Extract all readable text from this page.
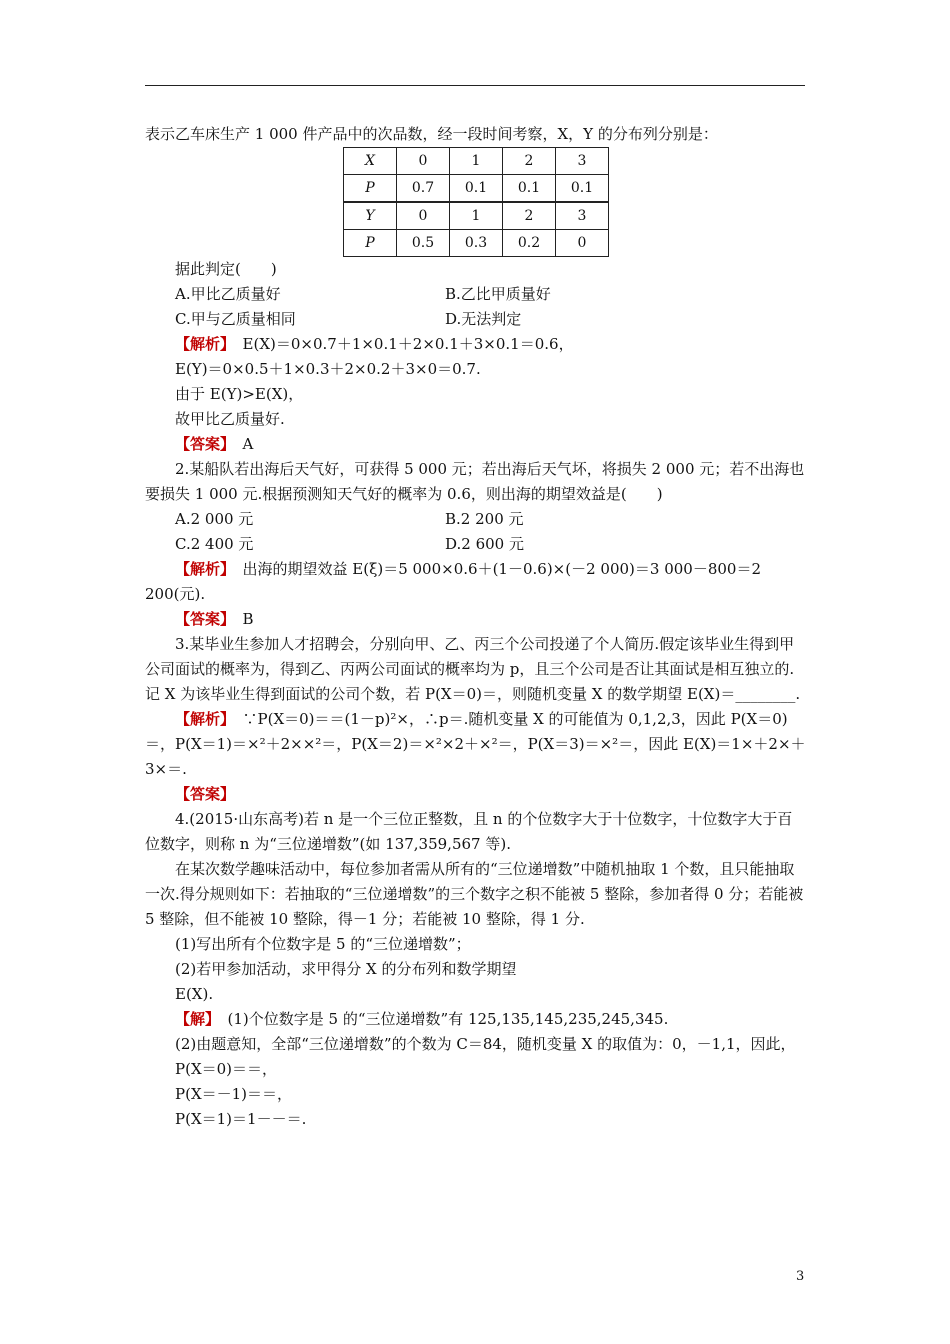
表示乙车床生产 1 000 件产品中的次品数，经一段时间考察，X，Y 的分布列分别是：
X	0	1	2	3
P	0.7	0.1	0.1	0.1
Y	0	1	2	3
P	0.5	0.3	0.2	0
据此判定(　　)
A.甲比乙质量好	B.乙比甲质量好
C.甲与乙质量相同	D.无法判定
【解析】　E(X)＝0×0.7＋1×0.1＋2×0.1＋3×0.1＝0.6，
E(Y)＝0×0.5＋1×0.3＋2×0.2＋3×0＝0.7.
由于 E(Y)>E(X)，
故甲比乙质量好.
【答案】　A
2.某船队若出海后天气好，可获得 5 000 元；若出海后天气坏，将损失 2 000 元；若不出海也要损失 1 000 元.根据预测知天气好的概率为 0.6，则出海的期望效益是(　　)
A.2 000 元	B.2 200 元
C.2 400 元	D.2 600 元
【解析】　出海的期望效益 E(ξ)＝5 000×0.6＋(1－0.6)×(－2 000)＝3 000－800＝2 200(元).
【答案】　B
3.某毕业生参加人才招聘会，分别向甲、乙、丙三个公司投递了个人简历.假定该毕业生得到甲公司面试的概率为，得到乙、丙两公司面试的概率均为 p，且三个公司是否让其面试是相互独立的.记 X 为该毕业生得到面试的公司个数，若 P(X＝0)＝，则随机变量 X 的数学期望 E(X)＝________.
【解析】　∵P(X＝0)＝＝(1－p)²×，∴p＝.随机变量 X 的可能值为 0,1,2,3，因此 P(X＝0)＝，P(X＝1)＝×²＋2××²＝，P(X＝2)＝×²×2＋×²＝，P(X＝3)＝×²＝，因此 E(X)＝1×＋2×＋3×＝.
【答案】
4.(2015·山东高考)若 n 是一个三位正整数，且 n 的个位数字大于十位数字，十位数字大于百位数字，则称 n 为“三位递增数”(如 137,359,567 等).
在某次数学趣味活动中，每位参加者需从所有的“三位递增数”中随机抽取 1 个数，且只能抽取一次.得分规则如下：若抽取的“三位递增数”的三个数字之积不能被 5 整除，参加者得 0 分；若能被 5 整除，但不能被 10 整除，得－1 分；若能被 10 整除，得 1 分.
(1)写出所有个位数字是 5 的“三位递增数”；
(2)若甲参加活动，求甲得分 X 的分布列和数学期望
E(X).
【解】　(1)个位数字是 5 的“三位递增数”有 125,135,145,235,245,345.
(2)由题意知，全部“三位递增数”的个数为 C＝84，随机变量 X 的取值为：0，－1,1，因此，
P(X＝0)＝＝，
P(X＝－1)＝＝，
P(X＝1)＝1－－＝.
3
